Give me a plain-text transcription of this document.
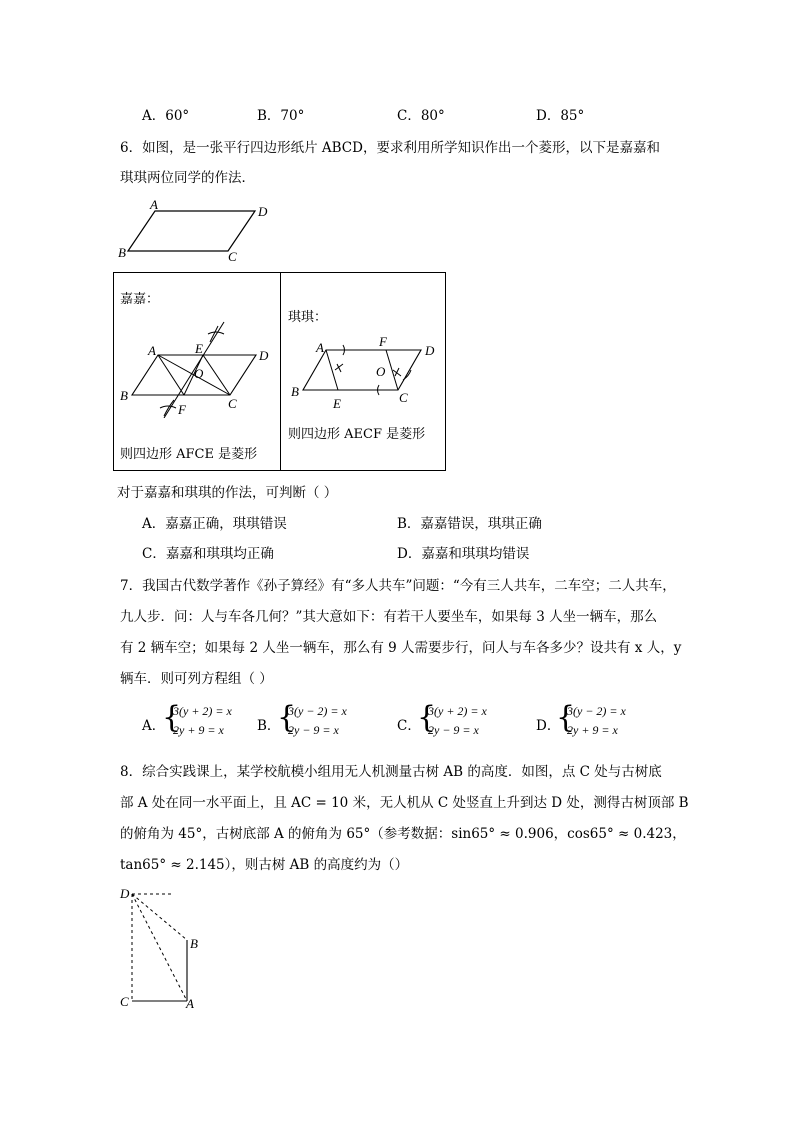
A．60°	B．70°	C．80°	D．85°
6．如图，是一张平行四边形纸片 ABCD，要求利用所学知识作出一个菱形，以下是嘉嘉和
琪琪两位同学的作法．
A	D
B	C
嘉嘉：
A	E	D
O
B
C
F
则四边形 AFCE 是菱形
琪琪：
A	F
D
O
B
E	C
则四边形 AECF 是菱形
对于嘉嘉和琪琪的作法，可判断（ ）
A．嘉嘉正确，琪琪错误	B．嘉嘉错误，琪琪正确
C．嘉嘉和琪琪均正确	D．嘉嘉和琪琪均错误
7．我国古代数学著作《孙子算经》有“多人共车”问题：“今有三人共车，二车空；二人共车，
九人步．问：人与车各几何？”其大意如下：有若干人要坐车，如果每 3 人坐一辆车，那么
有 2 辆车空；如果每 2 人坐一辆车，那么有 9 人需要步行，问人与车各多少？设共有 x 人，y
辆车．则可列方程组（ ）
A．
{
3(y + 2) = x
2y + 9 = x B．
{
3(y − 2) = x
2y − 9 = x	C．
{
3(y + 2) = x
2y − 9 = x	D．
{
3(y − 2) = x
2y + 9 = x
8．综合实践课上，某学校航模小组用无人机测量古树 AB 的高度．如图，点 C 处与古树底
部 A 处在同一水平面上，且 AC = 10 米，无人机从 C 处竖直上升到达 D 处，测得古树顶部 B
的俯角为 45°，古树底部 A 的俯角为 65°（参考数据：sin65° ≈ 0.906，cos65° ≈ 0.423，
tan65° ≈ 2.145），则古树 AB 的高度约为（）
D
B
C	A
